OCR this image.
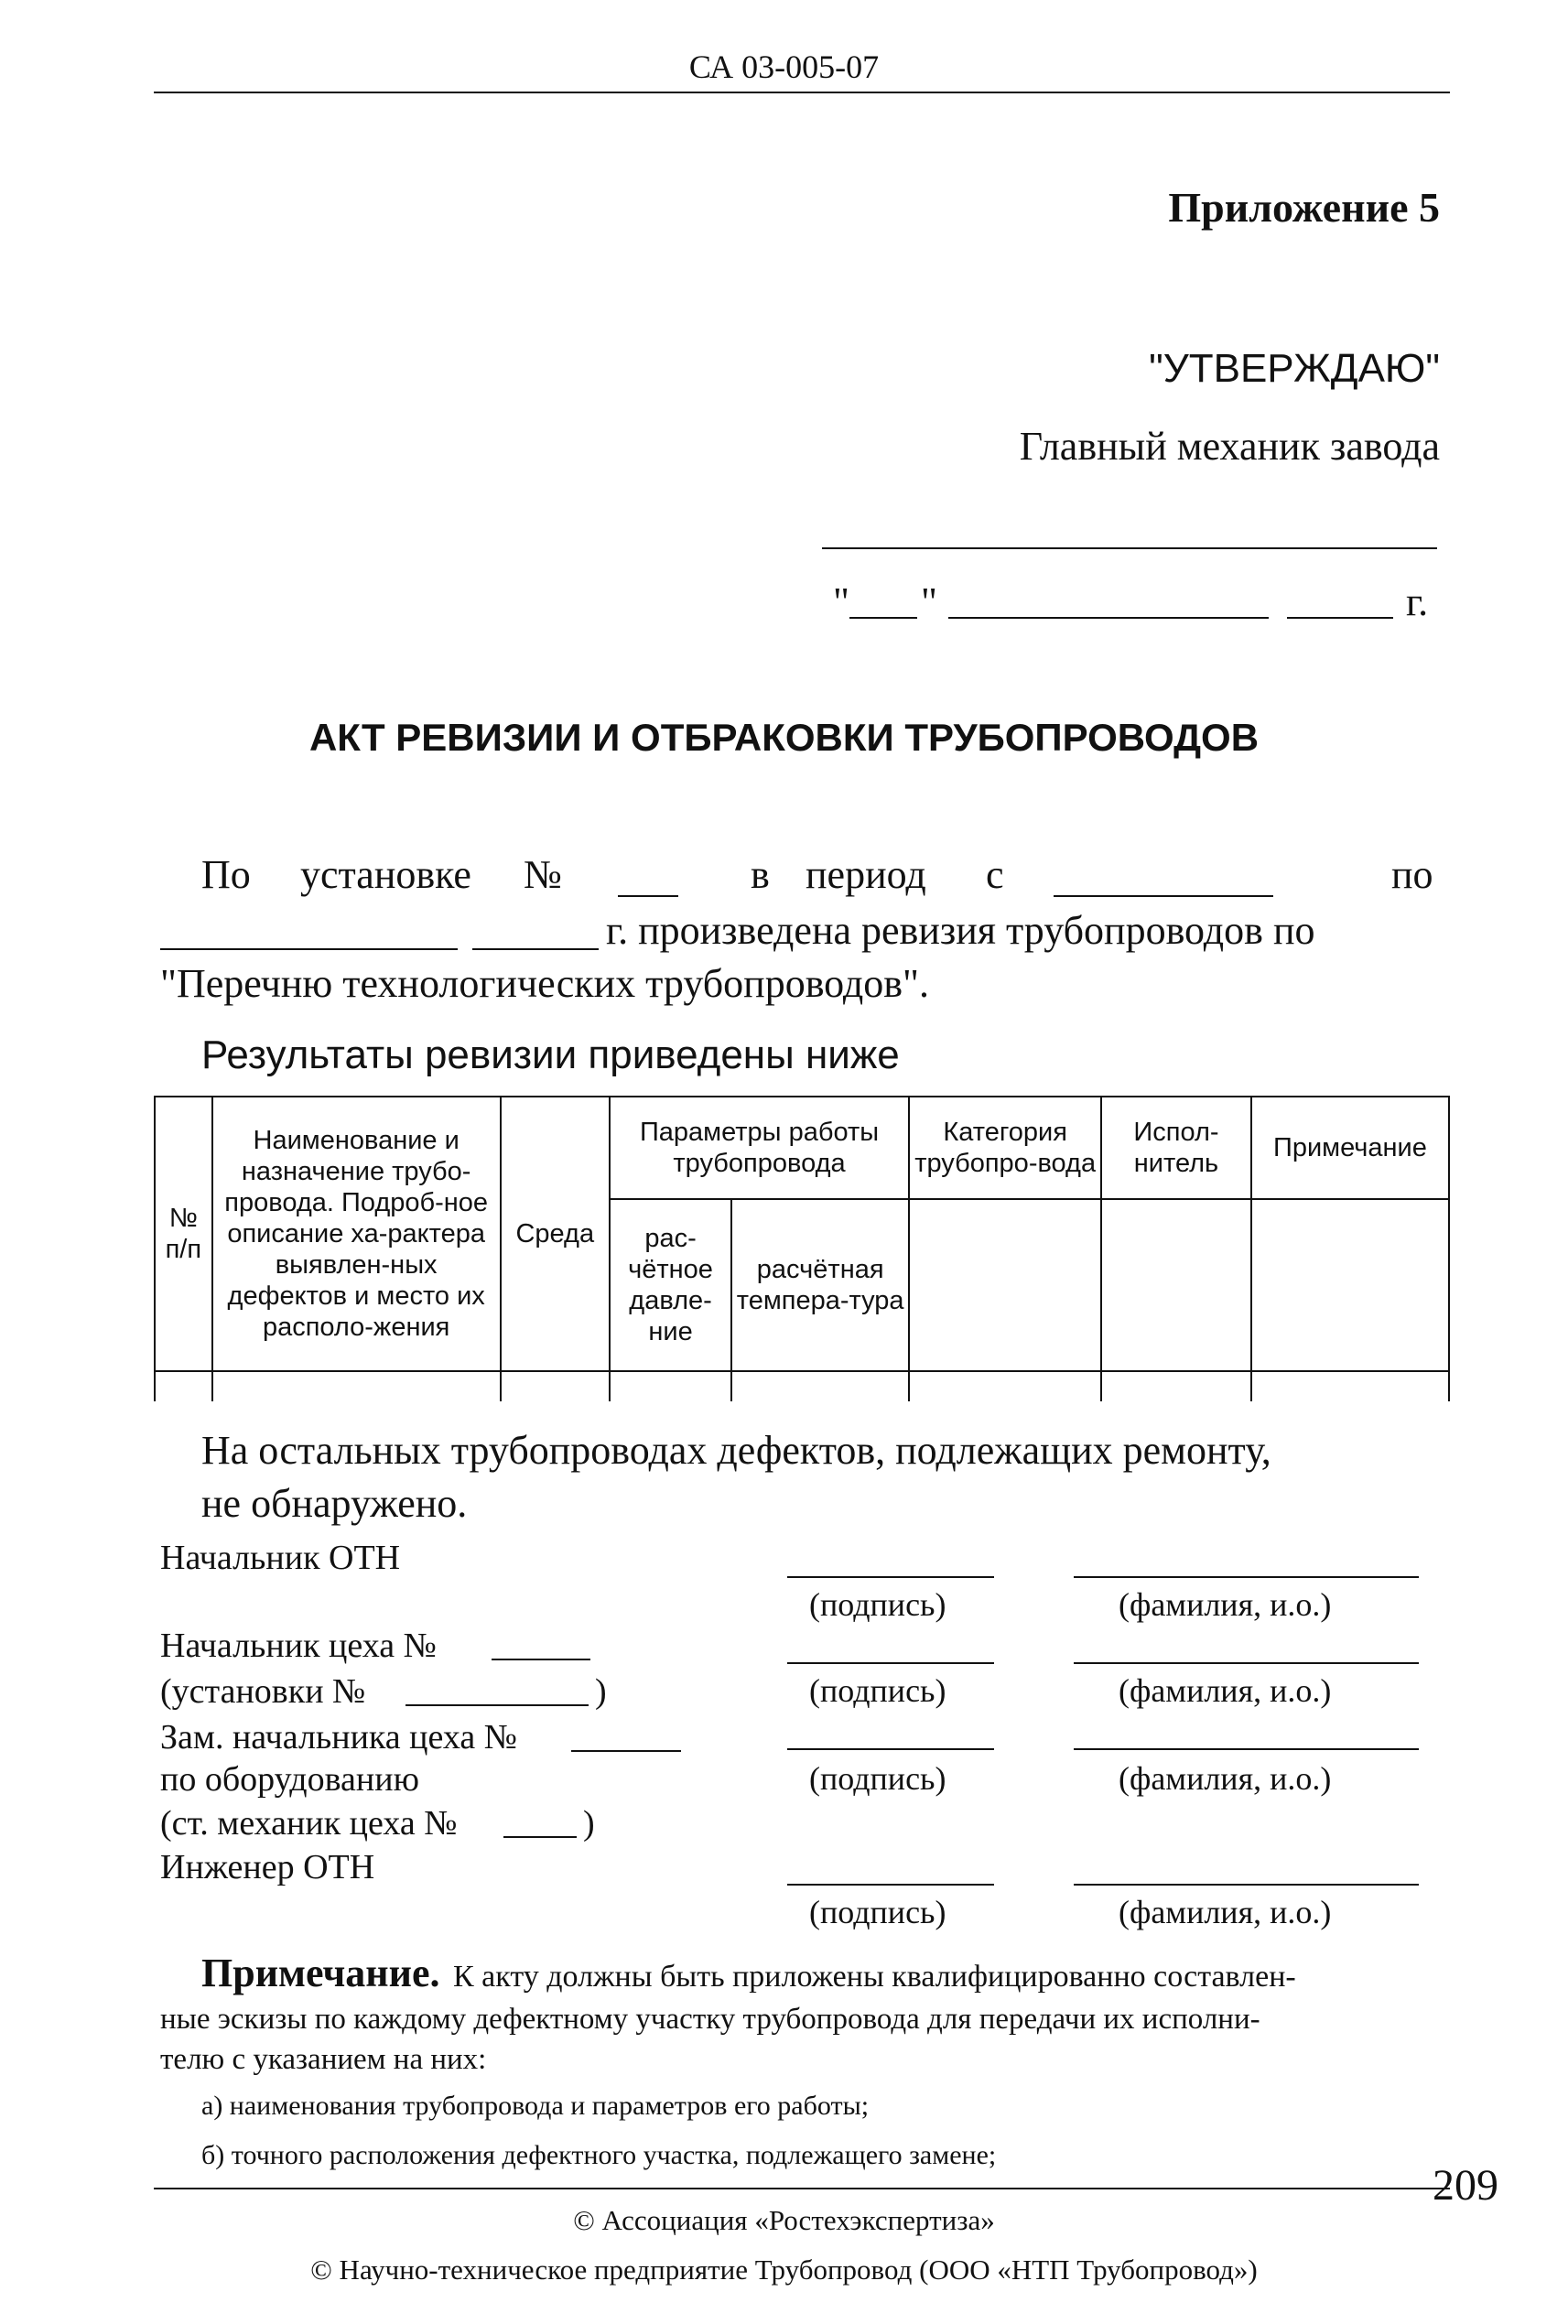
СА 03-005-07
Приложение 5
"УТВЕРЖДАЮ"
Главный механик завода
" "	г.
АКТ РЕВИЗИИ И ОТБРАКОВКИ ТРУБОПРОВОДОВ
По установке №	в период с	по
г. произведена ревизия трубопроводов по
"Перечню технологических трубопроводов".
Результаты ревизии приведены ниже
№
п/п	Наименование и назначение трубо-провода. Подроб-ное описание ха-рактера выявлен-ных дефектов и место их располо-жения	Среда	Параметры работы трубопровода		Категория трубопро-вода	Испол-нитель	Примечание
			рас-чётное давле-ние	расчётная темпера-тура			

На остальных трубопроводах дефектов, подлежащих ремонту,
не обнаружено.
Начальник ОТН
(подпись)	(фамилия, и.о.)
Начальник цеха №
(установки №	)	(подпись)	(фамилия, и.о.)
Зам. начальника цеха №
по оборудованию	(подпись)	(фамилия, и.о.)
(ст. механик цеха №	)
Инженер ОТН
(подпись)	(фамилия, и.о.)
Примечание. К акту должны быть приложены квалифицированно составлен-
ные эскизы по каждому дефектному участку трубопровода для передачи их исполни-
телю с указанием на них:
а) наименования трубопровода и параметров его работы;
б) точного расположения дефектного участка, подлежащего замене;
© Ассоциация «Ростехэкспертиза»
© Научно-техническое предприятие Трубопровод (ООО «НТП Трубопровод»)
209
